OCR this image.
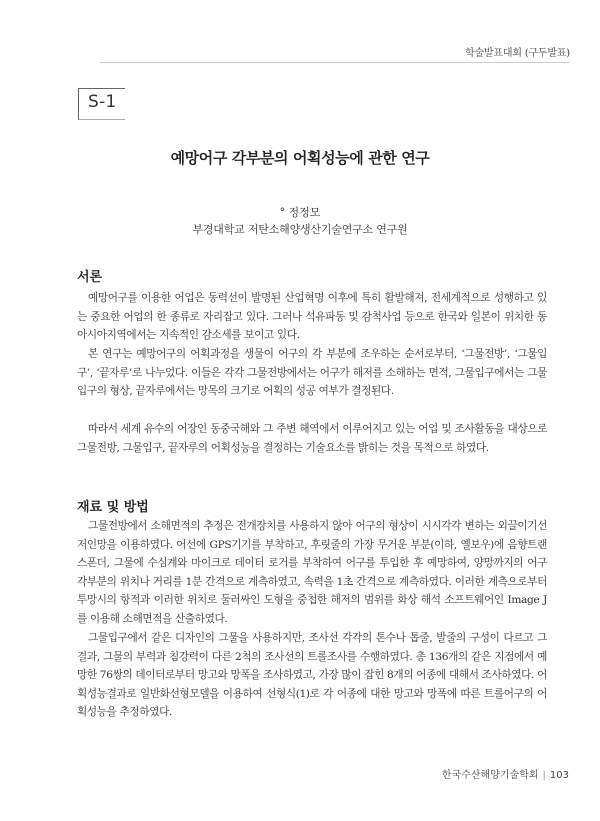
학술발표대회 (구두발표)
S-1
예망어구 각부분의 어획성능에 관한 연구
° 정정모
부경대학교 저탄소해양생산기술연구소 연구원
서론

예망어구를 이용한 어업은 동력선이 발명된 산업혁명 이후에 특히 활발해져, 전세계적으로 성행하고 있는 중요한 어업의 한 종류로 자리잡고 있다. 그러나 석유파동 및 감척사업 등으로 한국와 일본이 위치한 동아시아지역에서는 지속적인 감소세를 보이고 있다.

본 연구는 예망어구의 어획과정을 생물이 어구의 각 부분에 조우하는 순서로부터, ‘그물전방’, ‘그물입구’, ‘끝자루’로 나누었다. 이들은 각각 그물전방에서는 어구가 해저를 소해하는 면적, 그물입구에서는 그물입구의 형상, 끝자루에서는 망목의 크기로 어획의 성공 여부가 결정된다.

따라서 세계 유수의 어장인 동중국해와 그 주변 해역에서 이루어지고 있는 어업 및 조사활동을 대상으로 그물전방, 그물입구, 끝자루의 어획성능을 결정하는 기술요소를 밝히는 것을 목적으로 하였다.

재료 및 방법

그물전방에서 소해면적의 추정은 전개장치를 사용하지 않아 어구의 형상이 시시각각 변하는 외끌이기선저인망을 이용하였다. 어선에 GPS기기를 부착하고, 후릿줄의 가장 무거운 부분(이하, 옐보우)에 음향트랜스폰더, 그물에 수심계와 마이크로 데이터 로거를 부착하여 어구를 투입한 후 예망하여, 양망까지의 어구 각부분의 위치나 거리를 1분 간격으로 계측하였고, 속력을 1초 간격으로 계측하였다. 이러한 계측으로부터 투망시의 항적과 이러한 위치로 둘러싸인 도형을 중첩한 해저의 범위를 화상 해석 소프트웨어인 Image J를 이용해 소해면적을 산출하였다.

그물입구에서 같은 디자인의 그물을 사용하지만, 조사선 각각의 톤수나 톱줄, 발줄의 구성이 다르고 그 결과, 그물의 부력과 침강력이 다른 2척의 조사선의 트롤조사를 수행하였다. 총 136개의 같은 지점에서 예망한 76쌍의 데이터로부터 망고와 망폭을 조사하였고, 가장 많이 잡힌 8개의 어종에 대해서 조사하였다. 어획성능결과로 일반화선형모델을 이용하여 선형식(1)로 각 어종에 대한 망고와 망폭에 따른 트롤어구의 어획성능을 추정하였다.

한국수산해양기술학회 | 103
